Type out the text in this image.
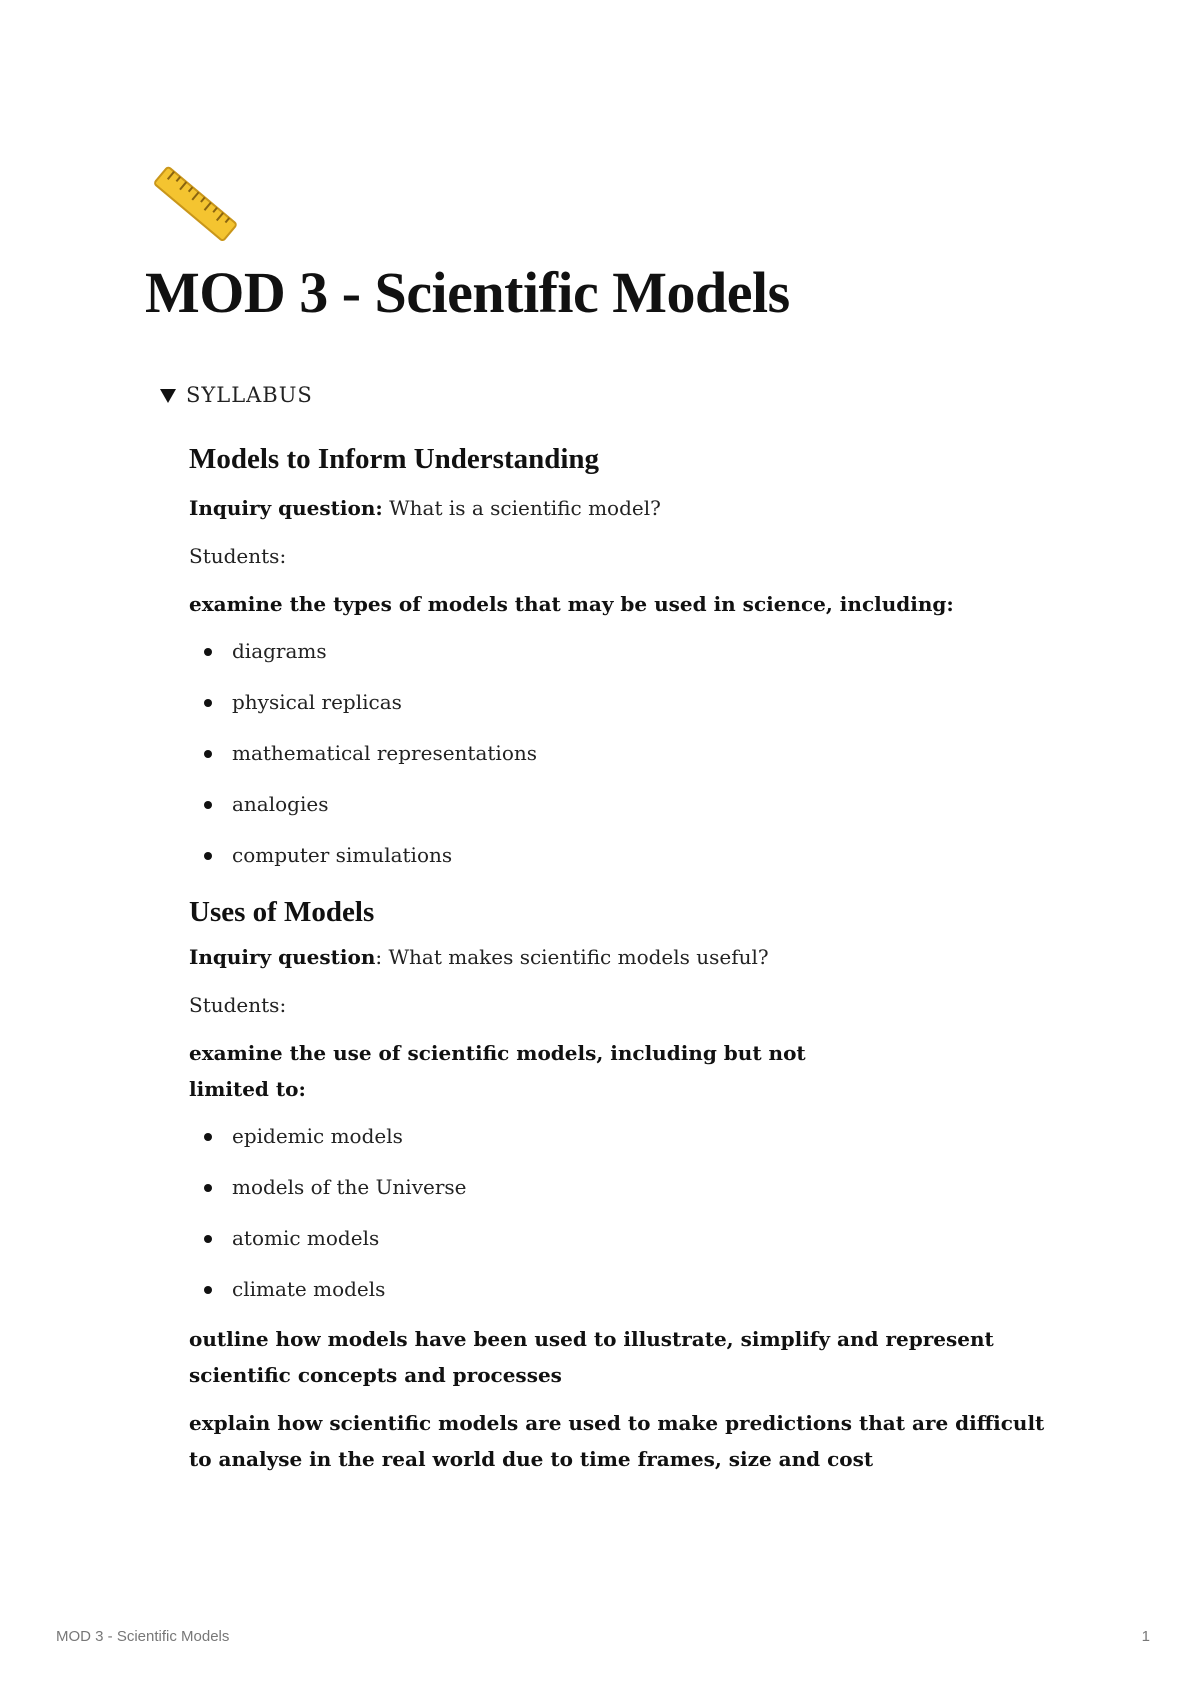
MOD 3 - Scientific Models
SYLLABUS
Models to Inform Understanding

Inquiry question: What is a scientific model?

Students:

examine the types of models that may be used in science, including:

diagrams
physical replicas
mathematical representations
analogies
computer simulations
Uses of Models

Inquiry question: What makes scientific models useful?

Students:

examine the use of scientific models, including but not
limited to:

epidemic models
models of the Universe
atomic models
climate models

outline how models have been used to illustrate, simplify and represent scientific concepts and processes

explain how scientific models are used to make predictions that are difficult to analyse in the real world due to time frames, size and cost

MOD 3 - Scientific Models	1
